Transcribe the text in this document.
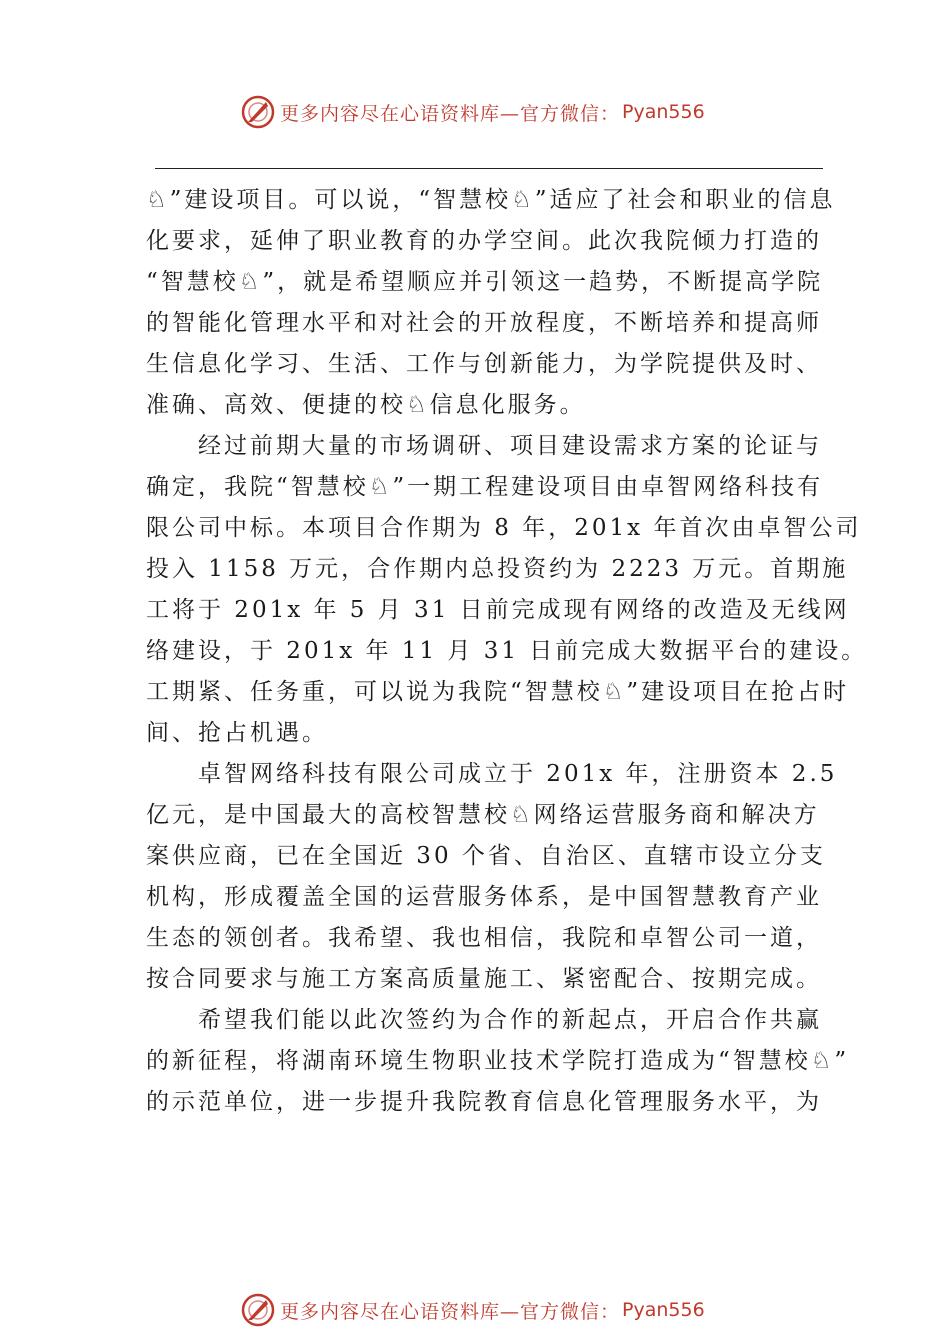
更多内容尽在心语资料库—官方微信： Pyan556

♘”建设项目。可以说，“智慧校♘”适应了社会和职业的信息
化要求，延伸了职业教育的办学空间。此次我院倾力打造的
“智慧校♘”，就是希望顺应并引领这一趋势，不断提高学院
的智能化管理水平和对社会的开放程度，不断培养和提高师
生信息化学习、生活、工作与创新能力，为学院提供及时、
准确、高效、便捷的校♘信息化服务。

　　经过前期大量的市场调研、项目建设需求方案的论证与
确定，我院“智慧校♘”一期工程建设项目由卓智网络科技有
限公司中标。本项目合作期为 8 年，201x 年首次由卓智公司
投入 1158 万元，合作期内总投资约为 2223 万元。首期施
工将于 201x 年 5 月 31 日前完成现有网络的改造及无线网
络建设，于 201x 年 11 月 31 日前完成大数据平台的建设。
工期紧、任务重，可以说为我院“智慧校♘”建设项目在抢占时
间、抢占机遇。

　　卓智网络科技有限公司成立于 201x 年，注册资本 2.5
亿元，是中国最大的高校智慧校♘网络运营服务商和解决方
案供应商，已在全国近 30 个省、自治区、直辖市设立分支
机构，形成覆盖全国的运营服务体系，是中国智慧教育产业
生态的领创者。我希望、我也相信，我院和卓智公司一道，
按合同要求与施工方案高质量施工、紧密配合、按期完成。

　　希望我们能以此次签约为合作的新起点，开启合作共赢
的新征程，将湖南环境生物职业技术学院打造成为“智慧校♘”
的示范单位，进一步提升我院教育信息化管理服务水平，为

更多内容尽在心语资料库—官方微信： Pyan556
